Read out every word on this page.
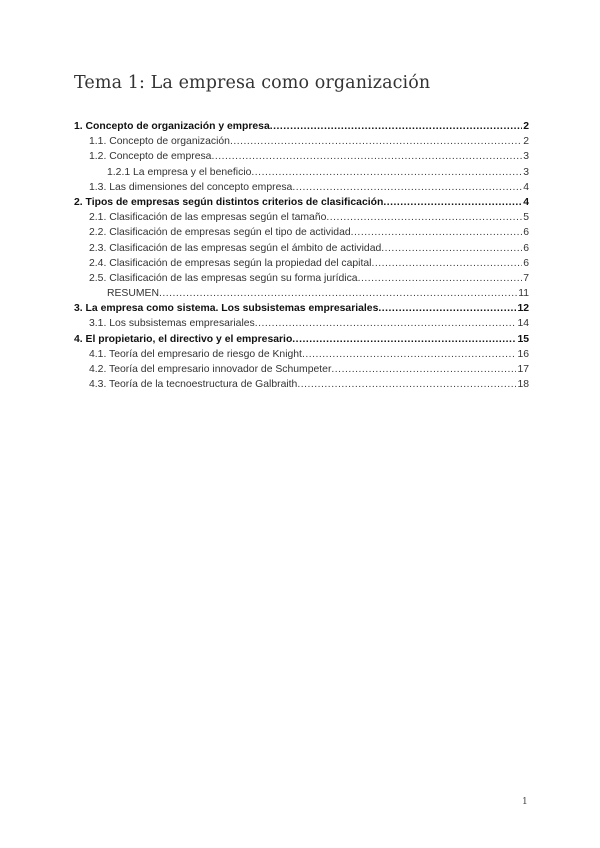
Tema 1: La empresa como organización
1. Concepto de organización y empresa .....	2
1.1. Concepto de organización .....	2
1.2. Concepto de empresa .....	3
1.2.1 La empresa y el beneficio .....	3
1.3. Las dimensiones del concepto empresa .....	4
2. Tipos de empresas según distintos criterios de clasificación .....	4
2.1. Clasificación de las empresas según el tamaño .....	5
2.2. Clasificación de empresas según el tipo de actividad .....	6
2.3. Clasificación de las empresas según el ámbito de actividad .....	6
2.4. Clasificación de empresas según la propiedad del capital .....	6
2.5. Clasificación de las empresas según su forma jurídica .....	7
RESUMEN .....	11
3. La empresa como sistema. Los subsistemas empresariales .....	12
3.1. Los subsistemas empresariales .....	14
4. El propietario, el directivo y el empresario .....	15
4.1. Teoría del empresario de riesgo de Knight .....	16
4.2. Teoría del empresario innovador de Schumpeter .....	17
4.3. Teoría de la tecnoestructura de Galbraith .....	18
1
